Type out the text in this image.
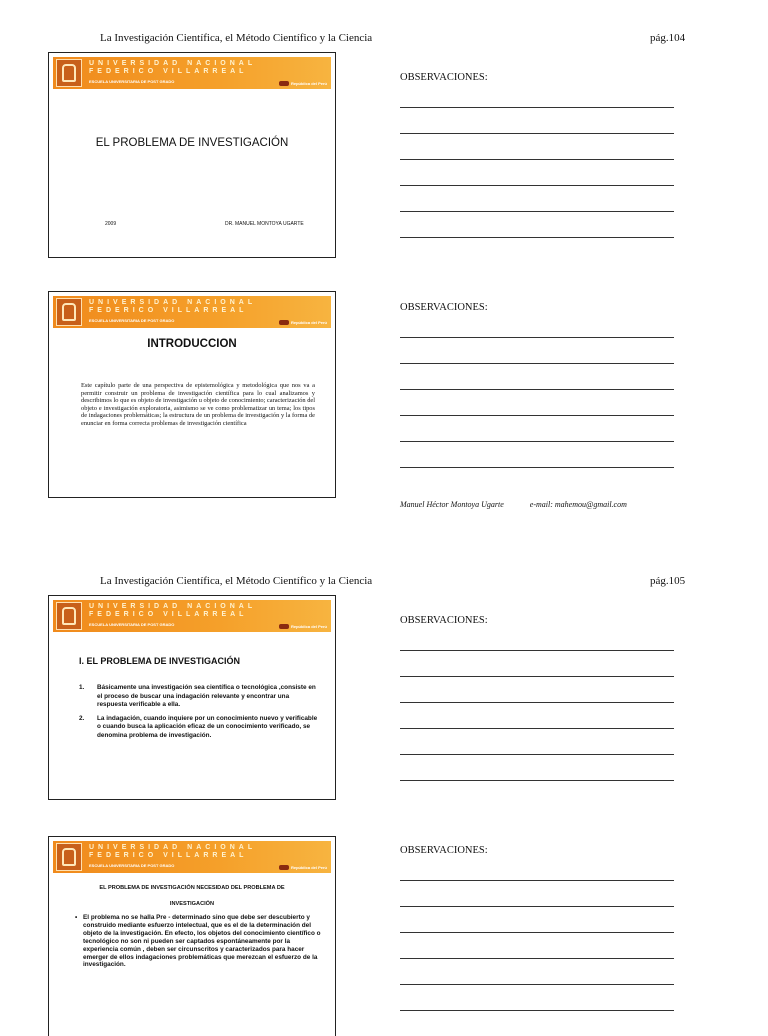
La Investigación Científica, el Método Científico y la Ciencia	pág.104
UNIVERSIDAD NACIONAL
FEDERICO VILLARREAL
ESCUELA UNIVERSITARIA DE POST GRADO	República del Perú
EL PROBLEMA DE INVESTIGACIÓN
2009	DR. MANUEL MONTOYA UGARTE
OBSERVACIONES:
UNIVERSIDAD NACIONAL
FEDERICO VILLARREAL
ESCUELA UNIVERSITARIA DE POST GRADO	República del Perú
INTRODUCCION
Este capítulo parte de una perspectiva de epistemológica y metodológica que nos va a permitir construir un problema de investigación científica para lo cual analizamos y describimos lo que es objeto de investigación u objeto de conocimiento; caracterización del objeto e investigación exploratoria, asimismo se ve como problematizar un tema; los tipos de indagaciones problemáticas; la estructura de un problema de investigación y la forma de enunciar en forma correcta problemas de investigación científica
OBSERVACIONES:
Manuel Héctor Montoya Ugarte	e-mail: mahemou@gmail.com
La Investigación Científica, el Método Científico y la Ciencia	pág.105
UNIVERSIDAD NACIONAL
FEDERICO VILLARREAL
ESCUELA UNIVERSITARIA DE POST GRADO	República del Perú
I. EL PROBLEMA DE INVESTIGACIÓN
1. Básicamente una investigación sea científica o tecnológica ,consiste en el proceso de buscar una indagación relevante y encontrar una respuesta verificable a ella.
2. La indagación, cuando inquiere por un conocimiento nuevo y verificable o cuando busca la aplicación eficaz de un conocimiento verificado, se denomina problema de investigación.
OBSERVACIONES:
UNIVERSIDAD NACIONAL
FEDERICO VILLARREAL
ESCUELA UNIVERSITARIA DE POST GRADO	República del Perú
EL PROBLEMA DE INVESTIGACIÓN NECESIDAD DEL PROBLEMA DE
INVESTIGACIÓN
• El problema no se halla Pre - determinado sino que debe ser descubierto y construido mediante esfuerzo intelectual, que es el de la determinación del objeto de la investigación. En efecto, los objetos del conocimiento científico o tecnológico no son ni pueden ser captados espontáneamente por la experiencia común , deben ser circunscritos y caracterizados para hacer emerger de ellos indagaciones problemáticas que merezcan el esfuerzo de la investigación.
OBSERVACIONES:
